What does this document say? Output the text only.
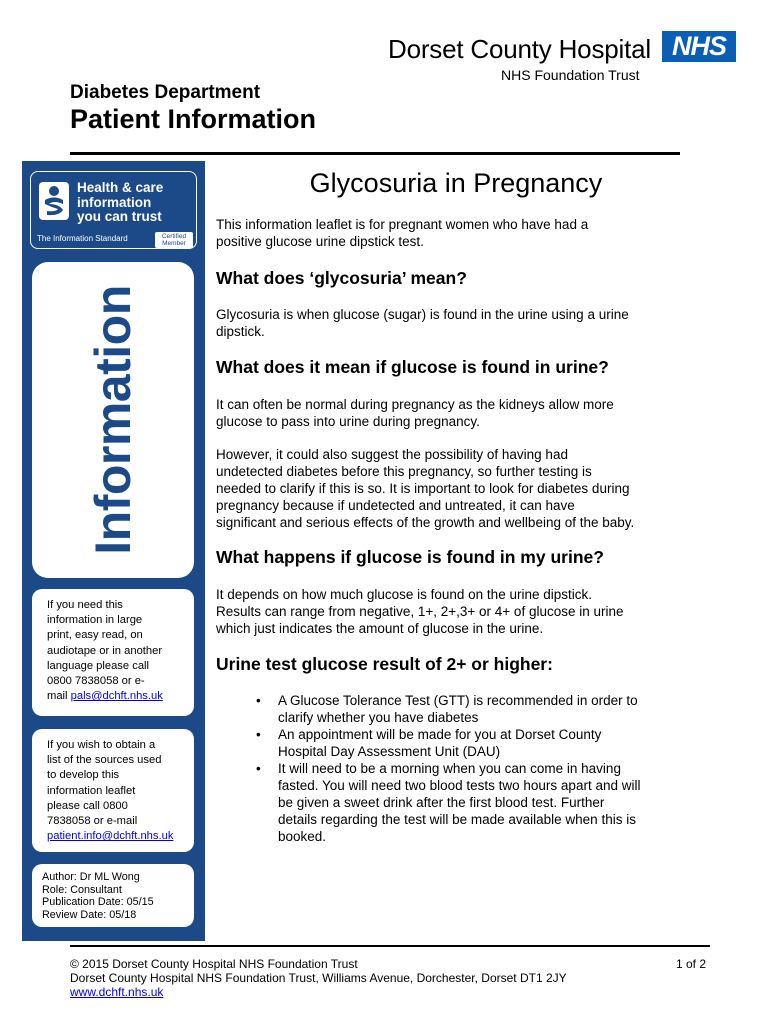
Dorset County Hospital NHS
NHS Foundation Trust
Diabetes Department
Patient Information
Health & care
information
you can trust
The Information Standard	Certified
Member
Information
If you need this
information in large
print, easy read, on
audiotape or in another
language please call
0800 7838058 or e-
mail pals@dchft.nhs.uk
If you wish to obtain a
list of the sources used
to develop this
information leaflet
please call 0800
7838058 or e-mail
patient.info@dchft.nhs.uk
Author: Dr ML Wong
Role: Consultant
Publication Date: 05/15
Review Date: 05/18
Glycosuria in Pregnancy
This information leaflet is for pregnant women who have had a
positive glucose urine dipstick test.
What does ‘glycosuria’ mean?
Glycosuria is when glucose (sugar) is found in the urine using a urine
dipstick.
What does it mean if glucose is found in urine?
It can often be normal during pregnancy as the kidneys allow more
glucose to pass into urine during pregnancy.
However, it could also suggest the possibility of having had
undetected diabetes before this pregnancy, so further testing is
needed to clarify if this is so. It is important to look for diabetes during
pregnancy because if undetected and untreated, it can have
significant and serious effects of the growth and wellbeing of the baby.
What happens if glucose is found in my urine?
It depends on how much glucose is found on the urine dipstick.
Results can range from negative, 1+, 2+,3+ or 4+ of glucose in urine
which just indicates the amount of glucose in the urine.
Urine test glucose result of 2+ or higher:
• A Glucose Tolerance Test (GTT) is recommended in order to
clarify whether you have diabetes
• An appointment will be made for you at Dorset County
Hospital Day Assessment Unit (DAU)
• It will need to be a morning when you can come in having
fasted. You will need two blood tests two hours apart and will
be given a sweet drink after the first blood test. Further
details regarding the test will be made available when this is
booked.
© 2015 Dorset County Hospital NHS Foundation Trust	1 of 2
Dorset County Hospital NHS Foundation Trust, Williams Avenue, Dorchester, Dorset DT1 2JY
www.dchft.nhs.uk
